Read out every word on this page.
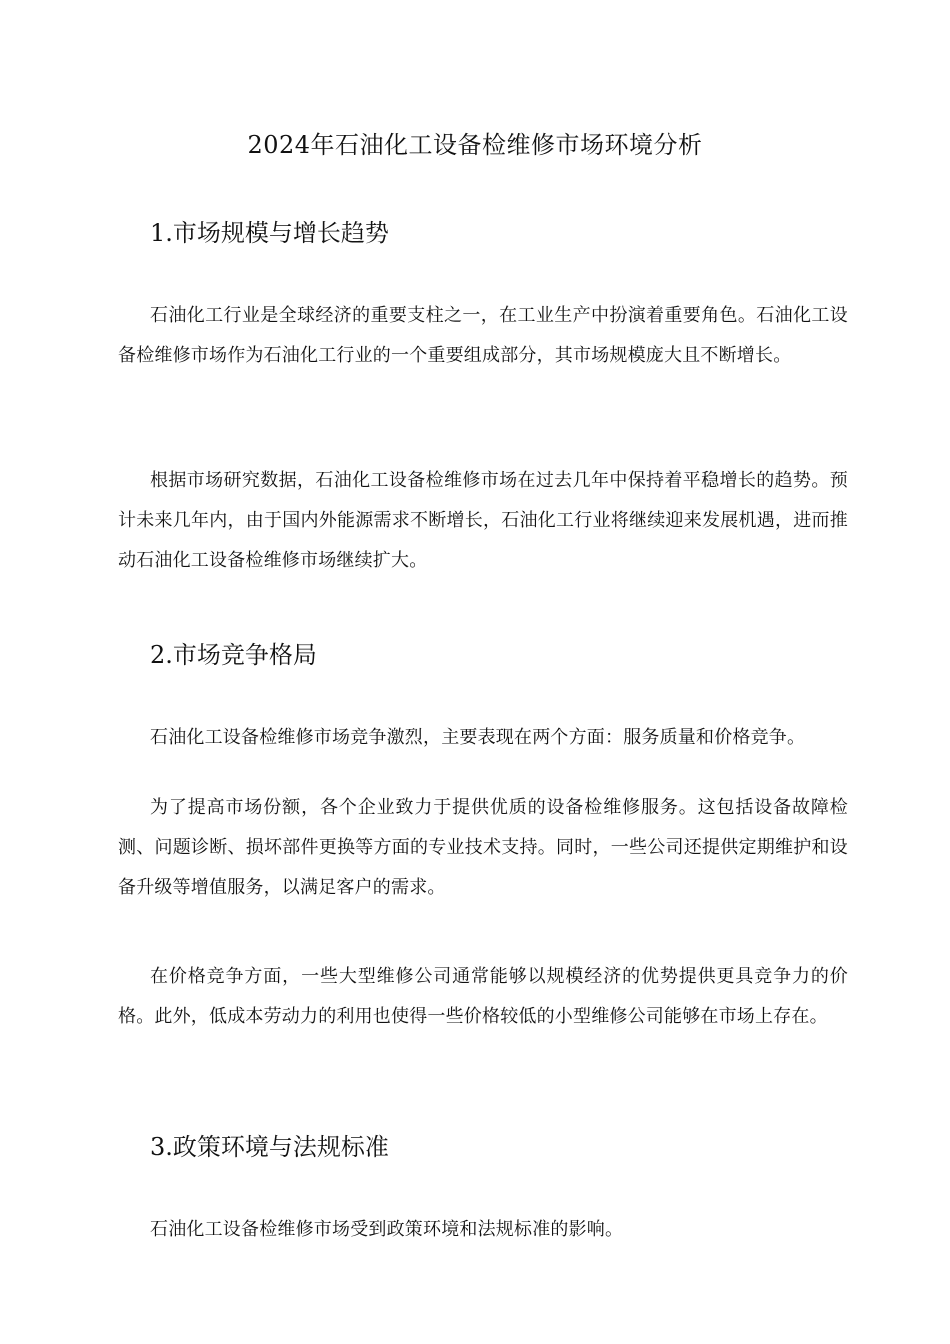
2024年石油化工设备检维修市场环境分析
1.市场规模与增长趋势
石油化工行业是全球经济的重要支柱之一，在工业生产中扮演着重要角色。石油化工设备检维修市场作为石油化工行业的一个重要组成部分，其市场规模庞大且不断增长。
根据市场研究数据，石油化工设备检维修市场在过去几年中保持着平稳增长的趋势。预计未来几年内，由于国内外能源需求不断增长，石油化工行业将继续迎来发展机遇，进而推动石油化工设备检维修市场继续扩大。
2.市场竞争格局
石油化工设备检维修市场竞争激烈，主要表现在两个方面：服务质量和价格竞争。
为了提高市场份额，各个企业致力于提供优质的设备检维修服务。这包括设备故障检测、问题诊断、损坏部件更换等方面的专业技术支持。同时，一些公司还提供定期维护和设备升级等增值服务，以满足客户的需求。
在价格竞争方面，一些大型维修公司通常能够以规模经济的优势提供更具竞争力的价格。此外，低成本劳动力的利用也使得一些价格较低的小型维修公司能够在市场上存在。
3.政策环境与法规标准
石油化工设备检维修市场受到政策环境和法规标准的影响。
